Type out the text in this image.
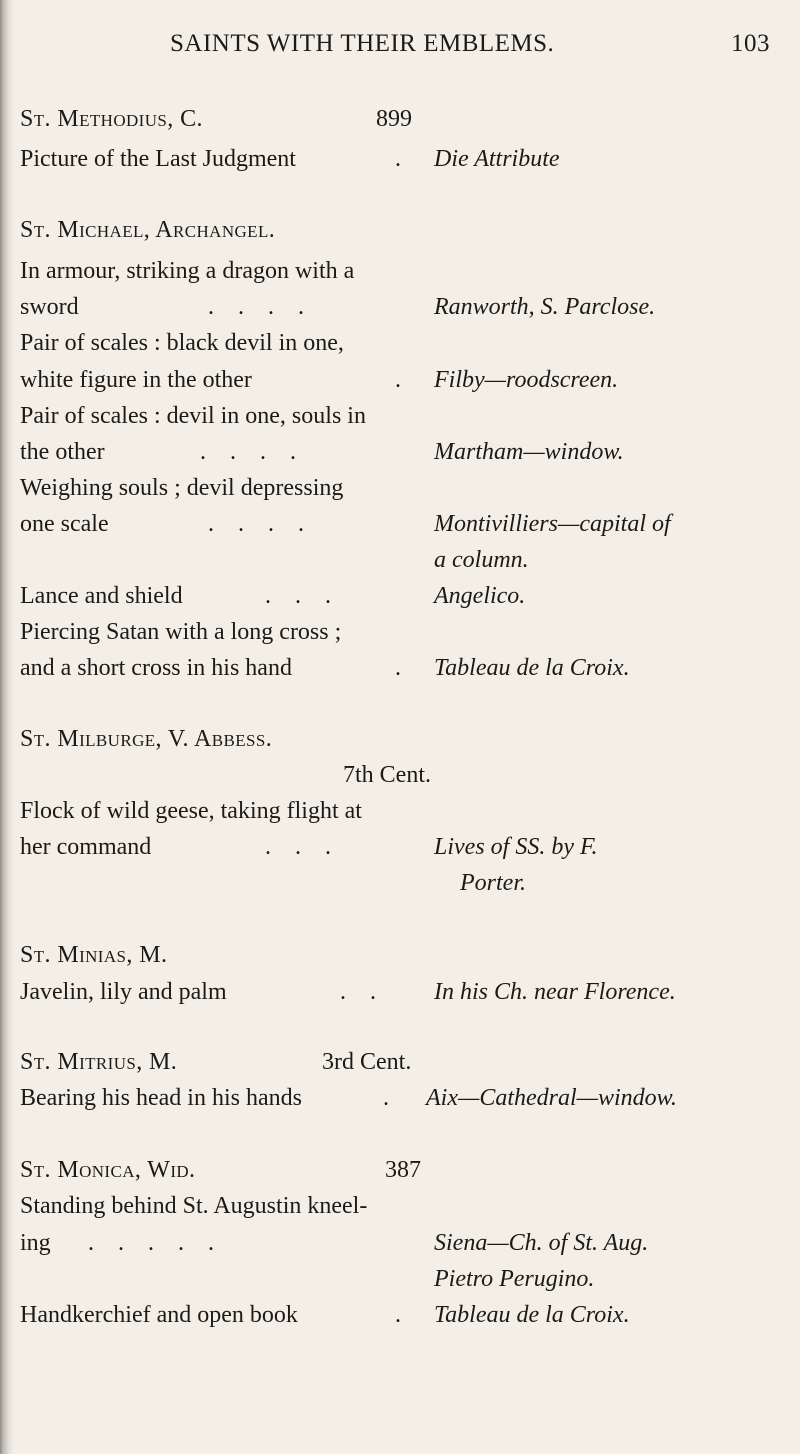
SAINTS WITH THEIR EMBLEMS.	103
St. Methodius, C.	899
Picture of the Last Judgment	. Die Attribute
St. Michael, Archangel.
In armour, striking a dragon with a
sword	. . . .	Ranworth, S. Parclose.
Pair of scales : black devil in one,
white figure in the other	. Filby—roodscreen.
Pair of scales : devil in one, souls in
the other	. . . .	Martham—window.
Weighing souls ; devil depressing
one scale	. . . .	Montivilliers—capital of
a column.
Lance and shield	. . .	Angelico.
Piercing Satan with a long cross ;
and a short cross in his hand	. Tableau de la Croix.
St. Milburge, V. Abbess.
7th Cent.
Flock of wild geese, taking flight at
her command	. . .	Lives of SS. by F.
Porter.
St. Minias, M.
Javelin, lily and palm	. . In his Ch. near Florence.
St. Mitrius, M.	3rd Cent.
Bearing his head in his hands	. Aix—Cathedral—window.
St. Monica, Wid.	387
Standing behind St. Augustin kneel-
ing . . . . .	Siena—Ch. of St. Aug.
Pietro Perugino.
Handkerchief and open book	. Tableau de la Croix.
